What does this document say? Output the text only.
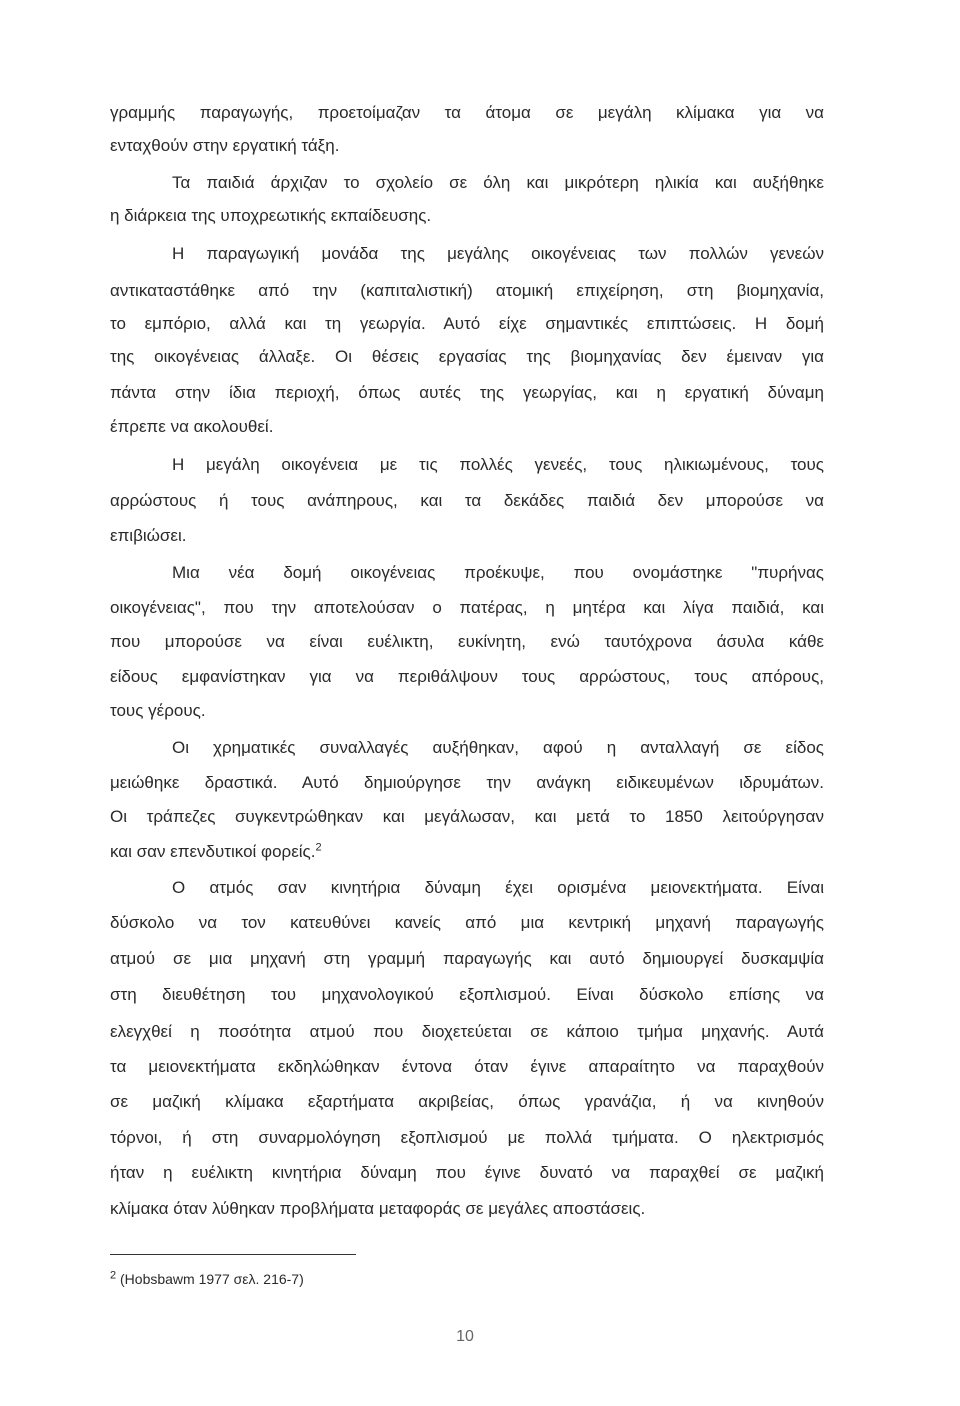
γραμμής παραγωγής, προετοίμαζαν τα άτομα σε μεγάλη κλίμακα για να
ενταχθούν στην εργατική τάξη.
Τα παιδιά άρχιζαν το σχολείο σε όλη και μικρότερη ηλικία και αυξήθηκε
η διάρκεια της υποχρεωτικής εκπαίδευσης.
Η παραγωγική μονάδα της μεγάλης οικογένειας των πολλών γενεών
αντικαταστάθηκε από την (καπιταλιστική) ατομική επιχείρηση, στη βιομηχανία,
το εμπόριο, αλλά και τη γεωργία. Αυτό είχε σημαντικές επιπτώσεις. Η δομή
της οικογένειας άλλαξε. Οι θέσεις εργασίας της βιομηχανίας δεν έμειναν για
πάντα στην ίδια περιοχή, όπως αυτές της γεωργίας, και η εργατική δύναμη
έπρεπε να ακολουθεί.
Η μεγάλη οικογένεια με τις πολλές γενεές, τους ηλικιωμένους, τους
αρρώστους ή τους ανάπηρους, και τα δεκάδες παιδιά δεν μπορούσε να
επιβιώσει.
Μια νέα δομή οικογένειας προέκυψε, που ονομάστηκε "πυρήνας
οικογένειας", που την αποτελούσαν ο πατέρας, η μητέρα και λίγα παιδιά, και
που μπορούσε να είναι ευέλικτη, ευκίνητη, ενώ ταυτόχρονα άσυλα κάθε
είδους εμφανίστηκαν για να περιθάλψουν τους αρρώστους, τους απόρους,
τους γέρους.
Οι χρηματικές συναλλαγές αυξήθηκαν, αφού η ανταλλαγή σε είδος
μειώθηκε δραστικά. Αυτό δημιούργησε την ανάγκη ειδικευμένων ιδρυμάτων.
Οι τράπεζες συγκεντρώθηκαν και μεγάλωσαν, και μετά το 1850 λειτούργησαν
και σαν επενδυτικοί φορείς.$^2$
Ο ατμός σαν κινητήρια δύναμη έχει ορισμένα μειονεκτήματα. Είναι
δύσκολο να τον κατευθύνει κανείς από μια κεντρική μηχανή παραγωγής
ατμού σε μια μηχανή στη γραμμή παραγωγής και αυτό δημιουργεί δυσκαμψία
στη διευθέτηση του μηχανολογικού εξοπλισμού. Είναι δύσκολο επίσης να
ελεγχθεί η ποσότητα ατμού που διοχετεύεται σε κάποιο τμήμα μηχανής. Αυτά
τα μειονεκτήματα εκδηλώθηκαν έντονα όταν έγινε απαραίτητο να παραχθούν
σε μαζική κλίμακα εξαρτήματα ακριβείας, όπως γρανάζια, ή να κινηθούν
τόρνοι, ή στη συναρμολόγηση εξοπλισμού με πολλά τμήματα. Ο ηλεκτρισμός
ήταν η ευέλικτη κινητήρια δύναμη που έγινε δυνατό να παραχθεί σε μαζική
κλίμακα όταν λύθηκαν προβλήματα μεταφοράς σε μεγάλες αποστάσεις.
$^2$ (Hobsbawm 1977 σελ. 216-7)
10
